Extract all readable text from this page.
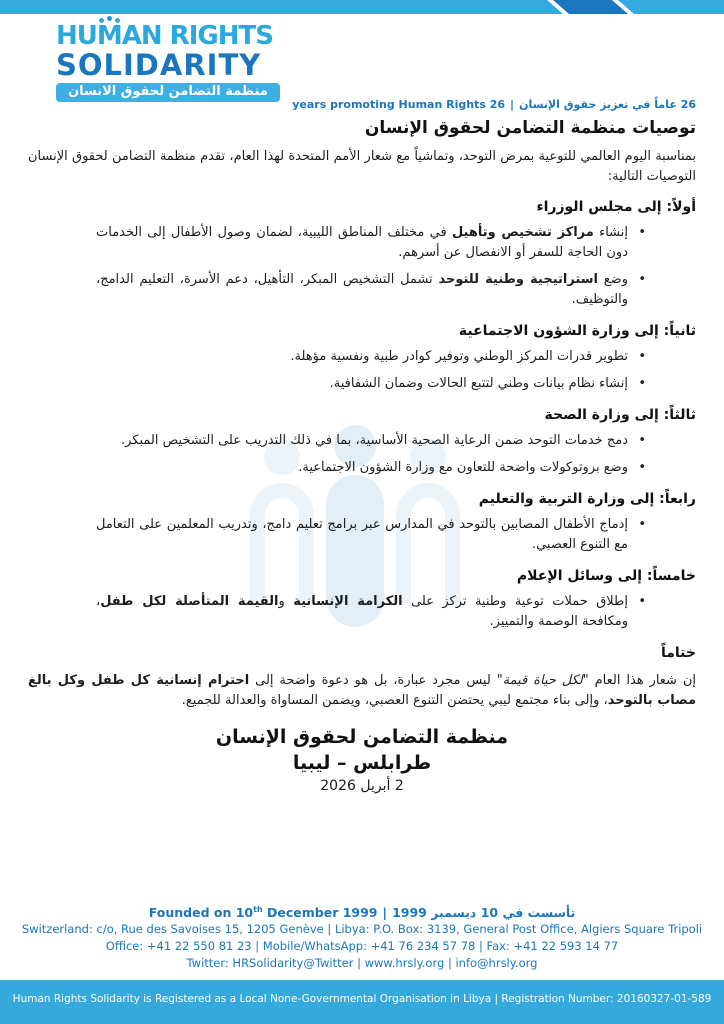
HUMAN RIGHTS
SOLIDARITY
منظمة التضامن لحقوق الانسان
26 عاماً في تعزيز حقوق الإنسان|26 years promoting Human Rights
توصيات منظمة التضامن لحقوق الإنسان

بمناسبة اليوم العالمي للتوعية بمرض التوحد، وتماشياً مع شعار الأمم المتحدة لهذا العام، تقدم منظمة التضامن لحقوق الإنسان التوصيات التالية:

أولاً: إلى مجلس الوزراء
• إنشاء مراكز تشخيص وتأهيل في مختلف المناطق الليبية، لضمان وصول الأطفال إلى الخدمات دون الحاجة للسفر أو الانفصال عن أسرهم.
• وضع استراتيجية وطنية للتوحد تشمل التشخيص المبكر، التأهيل، دعم الأسرة، التعليم الدامج، والتوظيف.
ثانياً: إلى وزارة الشؤون الاجتماعية
• تطوير قدرات المركز الوطني وتوفير كوادر طبية ونفسية مؤهلة.
• إنشاء نظام بيانات وطني لتتبع الحالات وضمان الشفافية.
ثالثاً: إلى وزارة الصحة
• دمج خدمات التوحد ضمن الرعاية الصحية الأساسية، بما في ذلك التدريب على التشخيص المبكر.
• وضع بروتوكولات واضحة للتعاون مع وزارة الشؤون الاجتماعية.
رابعاً: إلى وزارة التربية والتعليم
• إدماج الأطفال المصابين بالتوحد في المدارس عبر برامج تعليم دامج، وتدريب المعلمين على التعامل مع التنوع العصبي.
خامساً: إلى وسائل الإعلام
• إطلاق حملات توعية وطنية تركز على الكرامة الإنسانية والقيمة المتأصلة لكل طفل، ومكافحة الوصمة والتمييز.
ختاماً

إن شعار هذا العام "لكل حياة قيمة" ليس مجرد عبارة، بل هو دعوة واضحة إلى احترام إنسانية كل طفل وكل بالغ مصاب بالتوحد، وإلى بناء مجتمع ليبي يحتضن التنوع العصبي، ويضمن المساواة والعدالة للجميع.

منظمة التضامن لحقوق الإنسان
طرابلس – ليبيا
2 أبريل 2026
تأسست في 10 ديسمبر 1999|Founded on 10th December 1999
Switzerland: c/o, Rue des Savoises 15, 1205 Genève | Libya: P.O. Box: 3139, General Post Office, Algiers Square Tripoli
Office: +41 22 550 81 23 | Mobile/WhatsApp: +41 76 234 57 78 | Fax: +41 22 593 14 77
Twitter: HRSolidarity@Twitter | www.hrsly.org | info@hrsly.org
Human Rights Solidarity is Registered as a Local None-Governmental Organisation in Libya | Registration Number: 20160327-01-589
